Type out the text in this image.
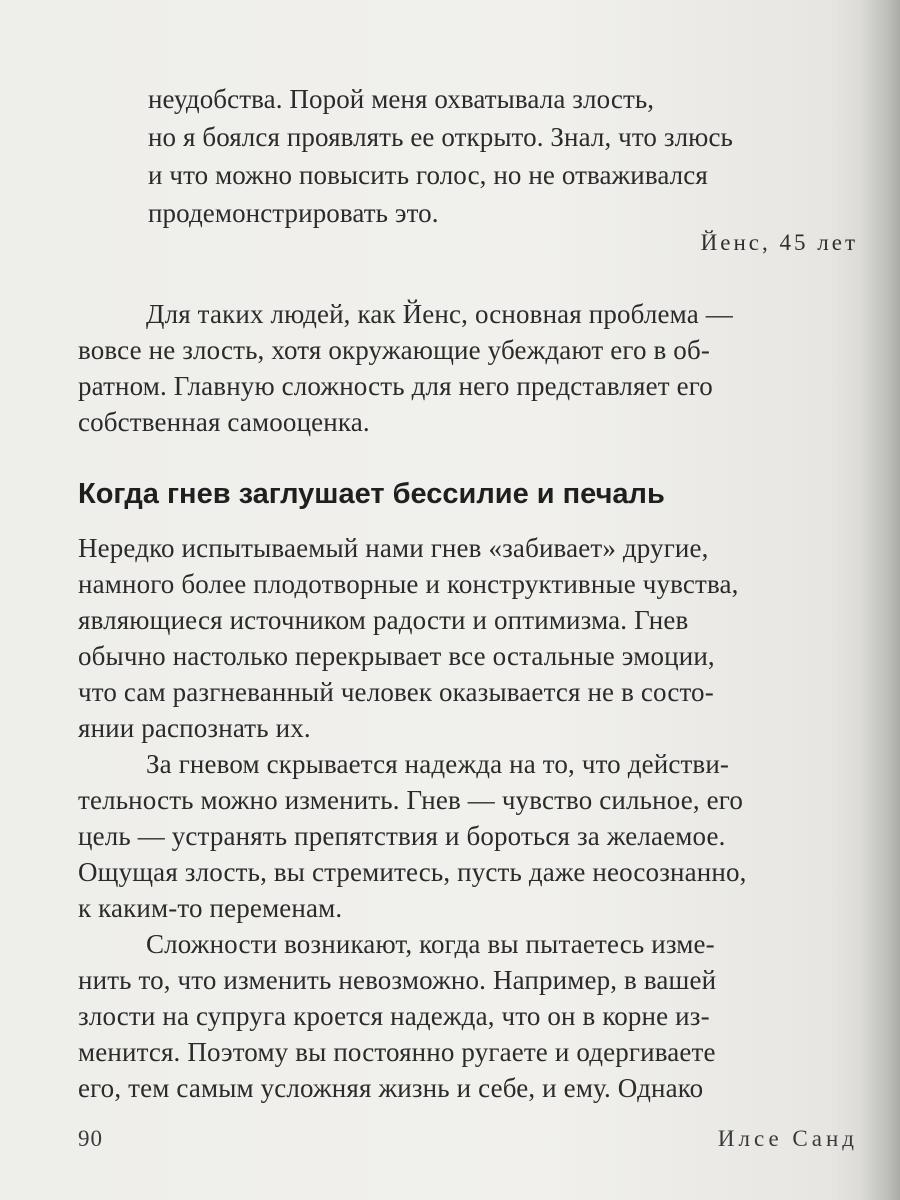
неудобства. Порой меня охватывала злость,

но я боялся проявлять ее открыто. Знал, что злюсь

и что можно повысить голос, но не отваживался

продемонстрировать это.

Йенс, 45 лет

Для таких людей, как Йенс, основная проблема —

вовсе не злость, хотя окружающие убеждают его в об-

ратном. Главную сложность для него представляет его

собственная самооценка.

Когда гнев заглушает бессилие и печаль

Нередко испытываемый нами гнев «забивает» другие,

намного более плодотворные и конструктивные чувства,

являющиеся источником радости и оптимизма. Гнев

обычно настолько перекрывает все остальные эмоции,

что сам разгневанный человек оказывается не в состо-

янии распознать их.

За гневом скрывается надежда на то, что действи-

тельность можно изменить. Гнев — чувство сильное, его

цель — устранять препятствия и бороться за желаемое.

Ощущая злость, вы стремитесь, пусть даже неосознанно,

к каким-то переменам.

Сложности возникают, когда вы пытаетесь изме-

нить то, что изменить невозможно. Например, в вашей

злости на супруга кроется надежда, что он в корне из-

менится. Поэтому вы постоянно ругаете и одергиваете

его, тем самым усложняя жизнь и себе, и ему. Однако

90	Илсе Санд
